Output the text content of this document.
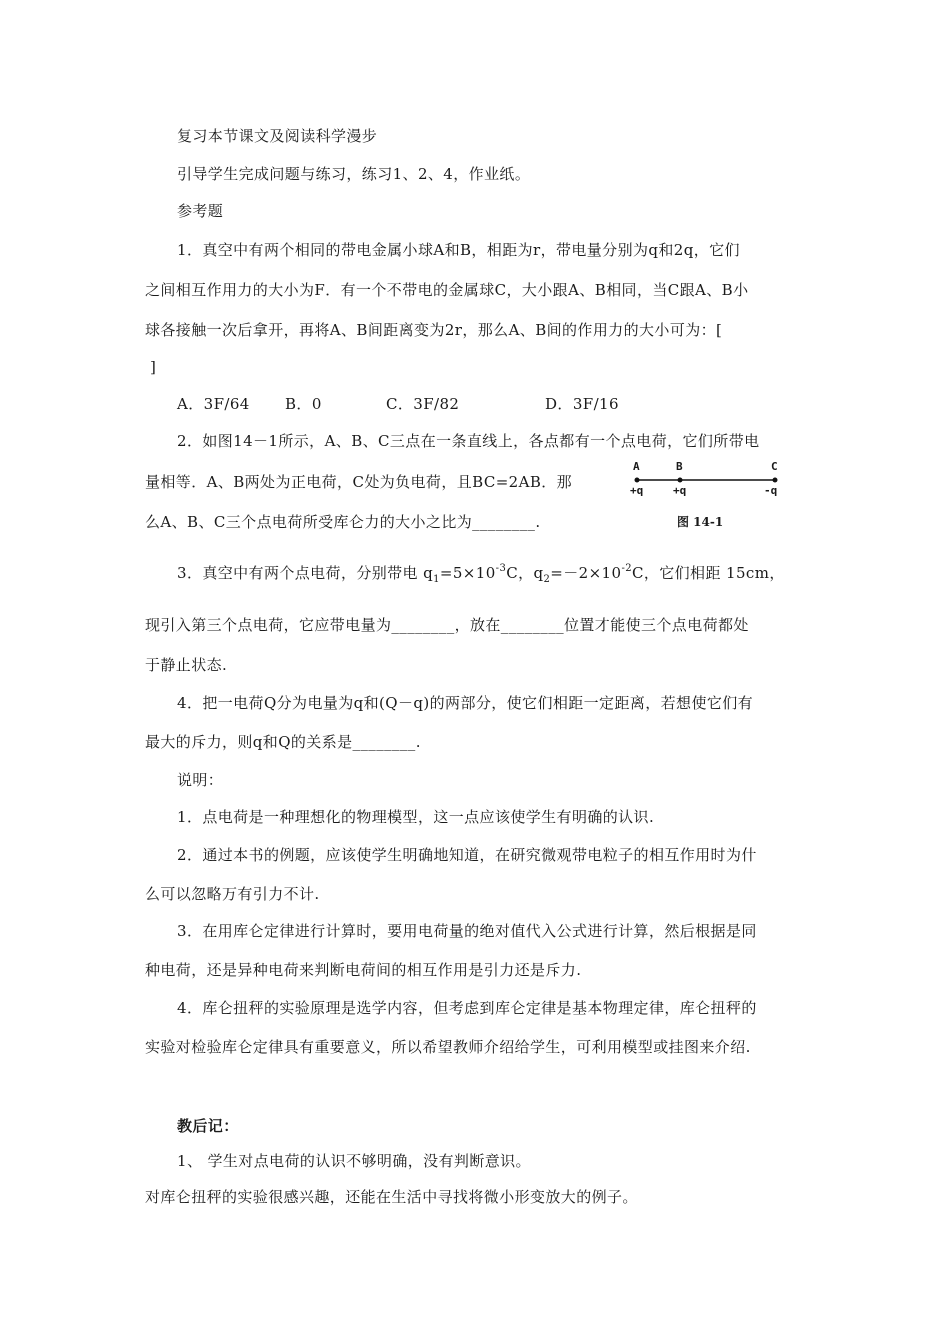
复习本节课文及阅读科学漫步
引导学生完成问题与练习，练习1、2、4，作业纸。
参考题
1．真空中有两个相同的带电金属小球A和B，相距为r，带电量分别为q和2q，它们
之间相互作用力的大小为F．有一个不带电的金属球C，大小跟A、B相同，当C跟A、B小
球各接触一次后拿开，再将A、B间距离变为2r，那么A、B间的作用力的大小可为：[
]
A．3F/64 B．0	C．3F/82	D．3F/16
2．如图14－1所示，A、B、C三点在一条直线上，各点都有一个点电荷，它们所带电
量相等．A、B两处为正电荷，C处为负电荷，且BC=2AB．那
么A、B、C三个点电荷所受库仑力的大小之比为________.
A	B	C
+q	+q	-q
图 14-1
3．真空中有两个点电荷，分别带电 $q_1=5\times 10^{-3}C$，$q_2=-2\times 10^{-2}C$，它们相距 15cm，
现引入第三个点电荷，它应带电量为________，放在________位置才能使三个点电荷都处
于静止状态.
4．把一电荷Q分为电量为q和(Q－q)的两部分，使它们相距一定距离，若想使它们有
最大的斥力，则q和Q的关系是________.
说明：
1．点电荷是一种理想化的物理模型，这一点应该使学生有明确的认识.
2．通过本书的例题，应该使学生明确地知道，在研究微观带电粒子的相互作用时为什
么可以忽略万有引力不计.
3．在用库仑定律进行计算时，要用电荷量的绝对值代入公式进行计算，然后根据是同
种电荷，还是异种电荷来判断电荷间的相互作用是引力还是斥力.
4．库仑扭秤的实验原理是选学内容，但考虑到库仑定律是基本物理定律，库仑扭秤的
实验对检验库仑定律具有重要意义，所以希望教师介绍给学生，可利用模型或挂图来介绍.
教后记：
1、 学生对点电荷的认识不够明确，没有判断意识。
对库仑扭秤的实验很感兴趣，还能在生活中寻找将微小形变放大的例子。
